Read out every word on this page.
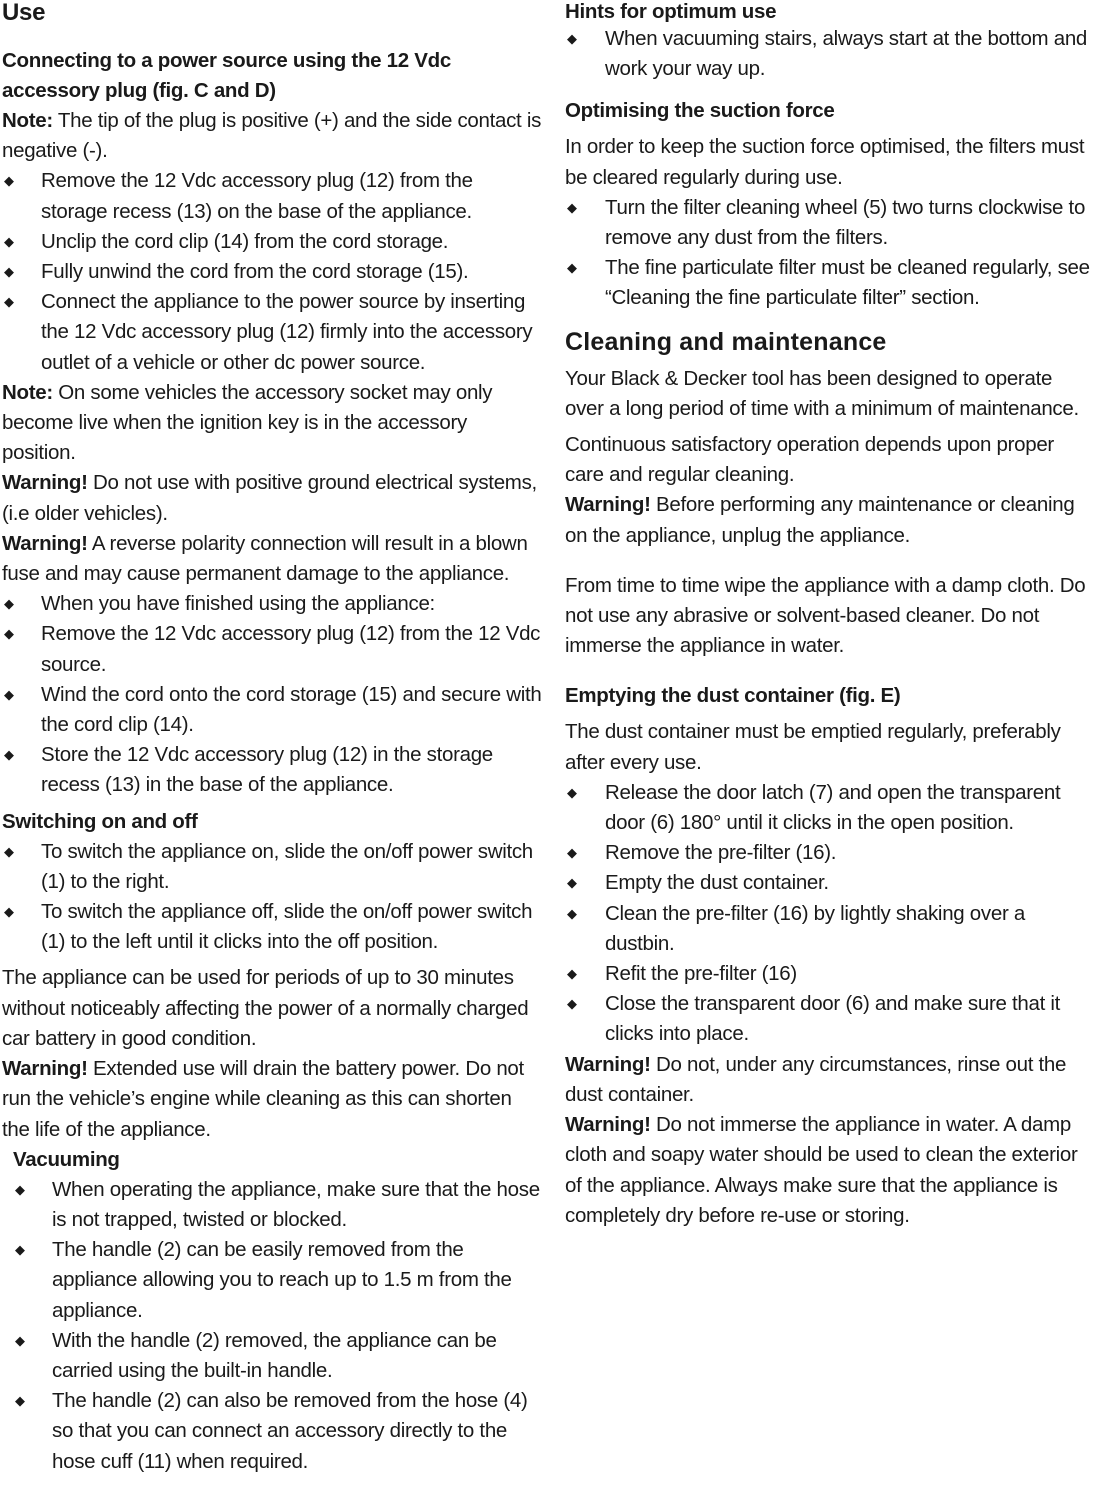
Use
Connecting to a power source using the 12 Vdc accessory plug (fig. C and D)

Note: The tip of the plug is positive (+) and the side contact is negative (-).

◆ Remove the 12 Vdc accessory plug (12) from the storage recess (13) on the base of the appliance.
◆ Unclip the cord clip (14) from the cord storage.
◆ Fully unwind the cord from the cord storage (15).
◆ Connect the appliance to the power source by inserting the 12 Vdc accessory plug (12) firmly into the accessory outlet of a vehicle or other dc power source.

Note: On some vehicles the accessory socket may only become live when the ignition key is in the accessory position.

Warning! Do not use with positive ground electrical systems, (i.e older vehicles).

Warning! A reverse polarity connection will result in a blown fuse and may cause permanent damage to the appliance.

◆ When you have finished using the appliance:
◆ Remove the 12 Vdc accessory plug (12) from the 12 Vdc source.
◆ Wind the cord onto the cord storage (15) and secure with the cord clip (14).
◆ Store the 12 Vdc accessory plug (12) in the storage recess (13) in the base of the appliance.
Switching on and off
◆ To switch the appliance on, slide the on/off power switch (1) to the right.
◆ To switch the appliance off, slide the on/off power switch (1) to the left until it clicks into the off position.

The appliance can be used for periods of up to 30 minutes without noticeably affecting the power of a normally charged car battery in good condition.

Warning! Extended use will drain the battery power. Do not run the vehicle’s engine while cleaning as this can shorten the life of the appliance.

Vacuuming
◆ When operating the appliance, make sure that the hose is not trapped, twisted or blocked.
◆ The handle (2) can be easily removed from the appliance allowing you to reach up to 1.5 m from the appliance.
◆ With the handle (2) removed, the appliance can be carried using the built-in handle.
◆ The handle (2) can also be removed from the hose (4) so that you can connect an accessory directly to the hose cuff (11) when required.
Hints for optimum use
◆ When vacuuming stairs, always start at the bottom and work your way up.
Optimising the suction force

In order to keep the suction force optimised, the filters must be cleared regularly during use.

◆ Turn the filter cleaning wheel (5) two turns clockwise to remove any dust from the filters.
◆ The fine particulate filter must be cleaned regularly, see “Cleaning the fine particulate filter” section.
Cleaning and maintenance

Your Black & Decker tool has been designed to operate over a long period of time with a minimum of maintenance.

Continuous satisfactory operation depends upon proper care and regular cleaning.

Warning! Before performing any maintenance or cleaning on the appliance, unplug the appliance.

From time to time wipe the appliance with a damp cloth. Do not use any abrasive or solvent-based cleaner. Do not immerse the appliance in water.

Emptying the dust container (fig. E)

The dust container must be emptied regularly, preferably after every use.

◆ Release the door latch (7) and open the transparent door (6) 180° until it clicks in the open position.
◆ Remove the pre-filter (16).
◆ Empty the dust container.
◆ Clean the pre-filter (16) by lightly shaking over a dustbin.
◆ Refit the pre-filter (16)
◆ Close the transparent door (6) and make sure that it clicks into place.

Warning! Do not, under any circumstances, rinse out the dust container.

Warning! Do not immerse the appliance in water. A damp cloth and soapy water should be used to clean the exterior of the appliance. Always make sure that the appliance is completely dry before re-use or storing.
